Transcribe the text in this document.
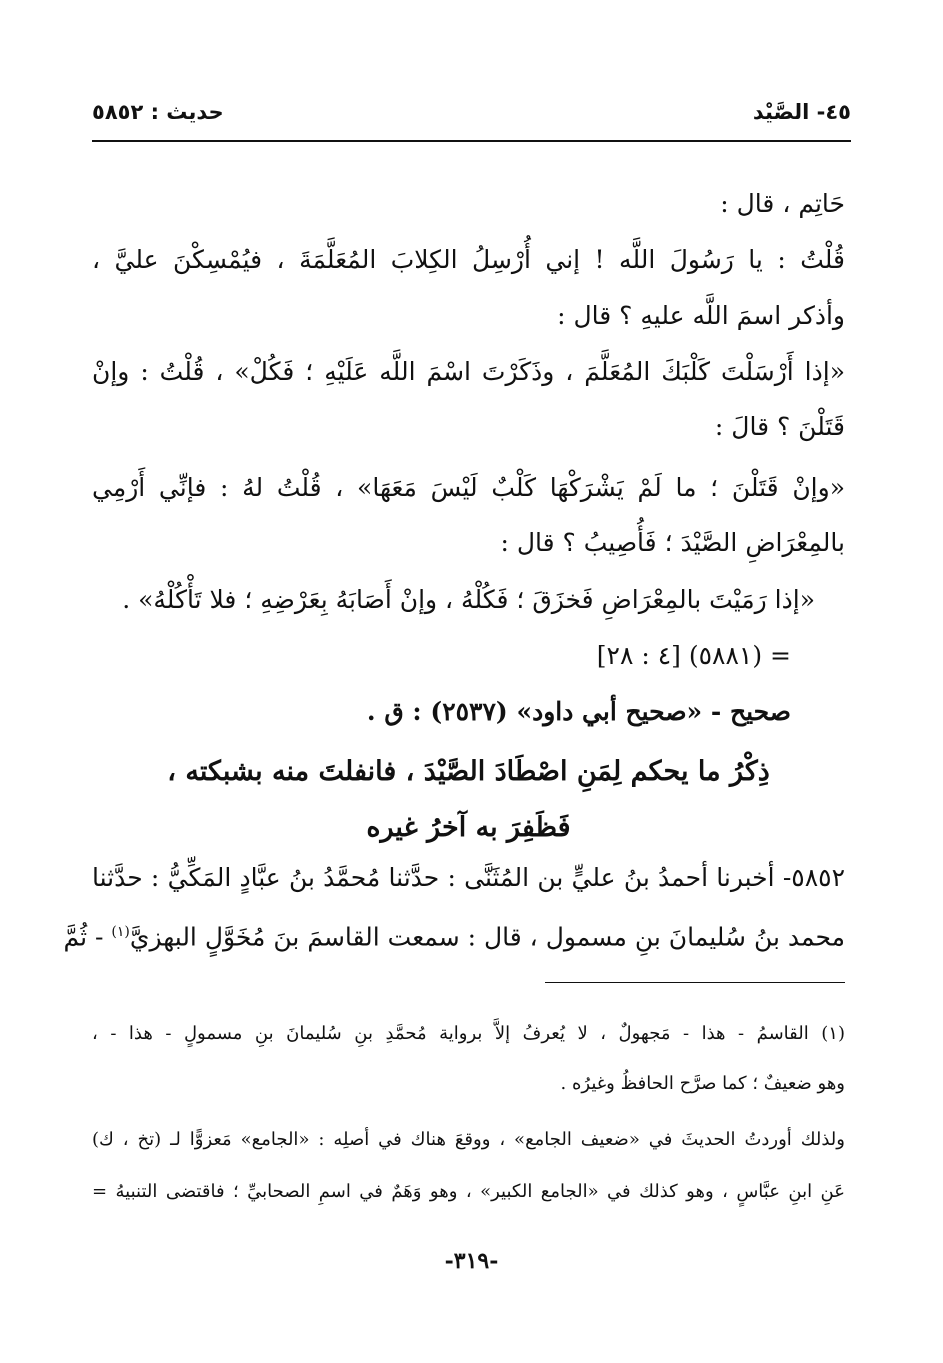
٤٥- الصَّيْد
حديث : ٥٨٥٢
حَاتِم ، قال :
قُلْتُ : يا رَسُولَ اللَّه ! إني أُرْسِلُ الكِلابَ المُعَلَّمَةَ ، فيُمْسِكْنَ عليَّ ،
وأذكر اسمَ اللَّه عليهِ ؟ قال :
«إذا أَرْسَلْتَ كَلْبَكَ المُعَلَّمَ ، وذَكَرْتَ اسْمَ اللَّه عَلَيْهِ ؛ فَكُلْ» ، قُلْتُ : وإنْ
قَتَلْنَ ؟ قالَ :
«وإنْ قَتَلْنَ ؛ ما لَمْ يَشْرَكْهَا كَلْبٌ لَيْسَ مَعَهَا» ، قُلْتُ لهُ : فإنِّي أَرْمِي
بالمِعْرَاضِ الصَّيْدَ ؛ فَأُصِيبُ ؟ قال :
«إذا رَمَيْتَ بالمِعْرَاضِ فَخزَقَ ؛ فَكُلْهُ ، وإنْ أَصَابَهُ بِعَرْضِهِ ؛ فلا تَأْكُلْهُ» .
= (٥٨٨١) [٤ : ٢٨]
صحيح - «صحيح أبي داود» (٢٥٣٧) : ق .
ذِكْرُ ما يحكم لِمَنِ اصْطَادَ الصَّيْدَ ، فانفلتَ منه بشبكته ،
فَظَفِرَ به آخرُ غيره
٥٨٥٢- أخبرنا أحمدُ بنُ عليٍّ بن المُثَنَّى : حدَّثنا مُحمَّدُ بنُ عبَّادٍ المَكِّيُّ : حدَّثنا
محمد بنُ سُليمانَ بنِ مسمول ، قال : سمعت القاسمَ بنَ مُخَوَّلٍ البهزيَّ$^{(١)}$ - ثُمَّ
(١) القاسمُ - هذا - مَجهولٌ ، لا يُعرفُ إلاَّ برواية مُحمَّدِ بنِ سُليمانَ بنِ مسمولٍ - هذا - ،
وهو ضعيفٌ ؛ كما صرَّح الحافظُ وغيرُه .
ولذلك أوردتُ الحديثَ في «ضعيف الجامع» ، ووقعَ هناك في أصلِه : «الجامع» مَعزوًّا لـ (تخ ، ك)
عَنِ ابنِ عبَّاسٍ ، وهو كذلك في «الجامع الكبير» ، وهو وَهَمٌ في اسمِ الصحابيِّ ؛ فاقتضى التنبيهُ =
-٣١٩-
